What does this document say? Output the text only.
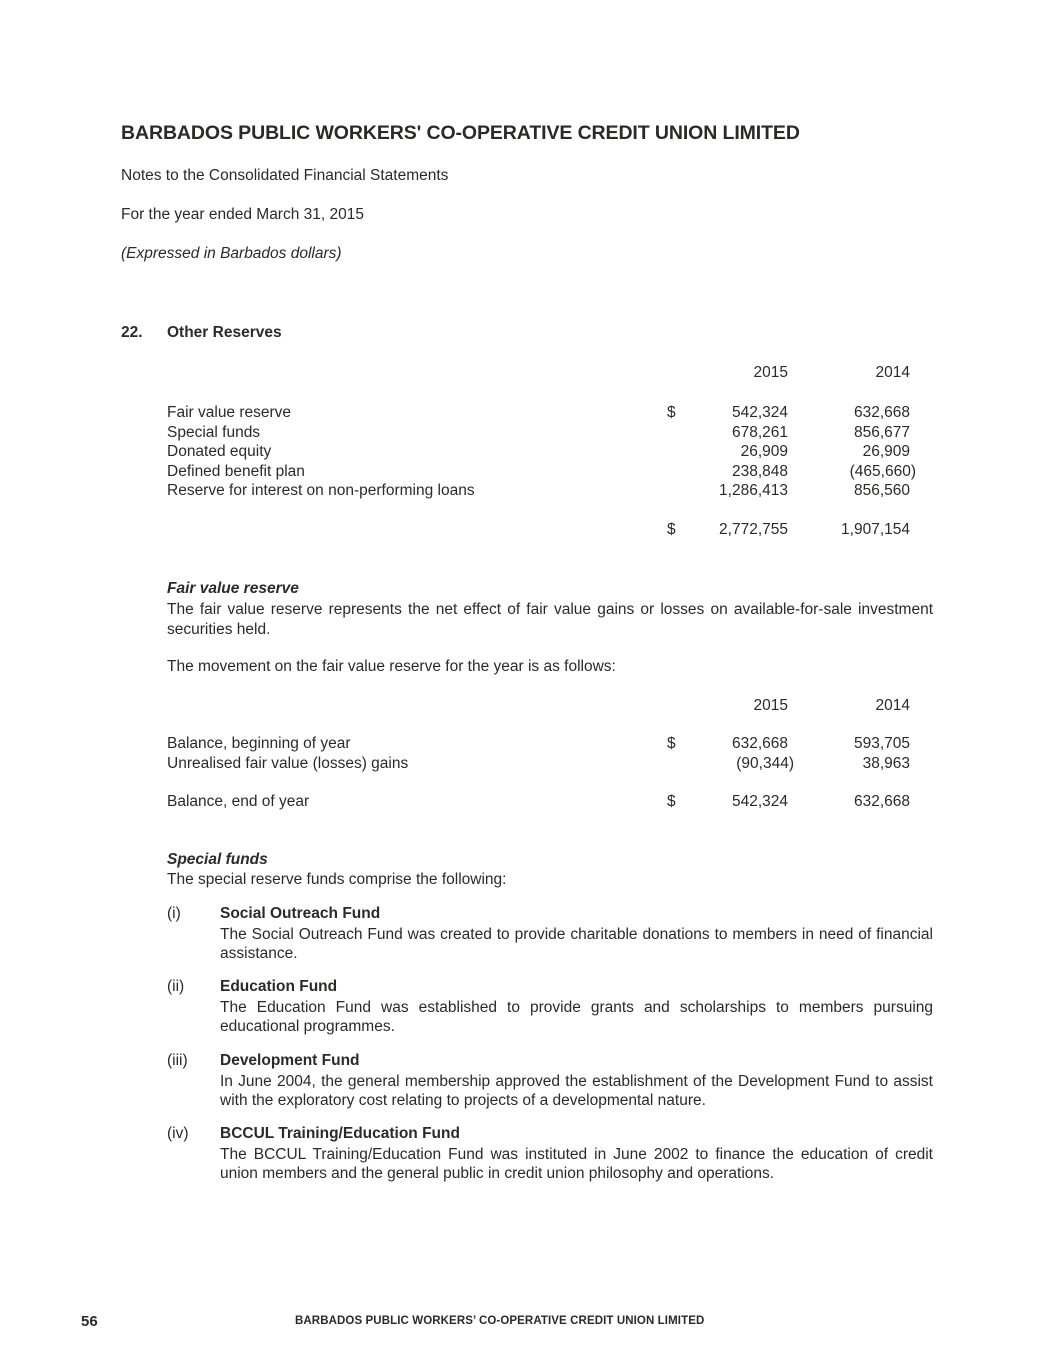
BARBADOS PUBLIC WORKERS' CO-OPERATIVE CREDIT UNION LIMITED
Notes to the Consolidated Financial Statements
For the year ended March 31, 2015
(Expressed in Barbados dollars)
22. Other Reserves
2015	2014
Fair value reserve	$	542,324	632,668
Special funds	678,261	856,677
Donated equity	26,909	26,909
Defined benefit plan	238,848	(465,660)
Reserve for interest on non-performing loans	1,286,413	856,560
$	2,772,755	1,907,154
Fair value reserve

The fair value reserve represents the net effect of fair value gains or losses on available-for-sale investment securities held.

The movement on the fair value reserve for the year is as follows:
2015	2014
Balance, beginning of year	$	632,668	593,705
Unrealised fair value (losses) gains	(90,344)	38,963
Balance, end of year	$	542,324	632,668
Special funds
The special reserve funds comprise the following:
(i)	Social Outreach Fund

The Social Outreach Fund was created to provide charitable donations to members in need of financial assistance.

(ii) Education Fund

The Education Fund was established to provide grants and scholarships to members pursuing educational programmes.

(iii) Development Fund

In June 2004, the general membership approved the establishment of the Development Fund to assist with the exploratory cost relating to projects of a developmental nature.

(iv) BCCUL Training/Education Fund

The BCCUL Training/Education Fund was instituted in June 2002 to finance the education of credit union members and the general public in credit union philosophy and operations.

56	BARBADOS PUBLIC WORKERS’ CO-OPERATIVE CREDIT UNION LIMITED
